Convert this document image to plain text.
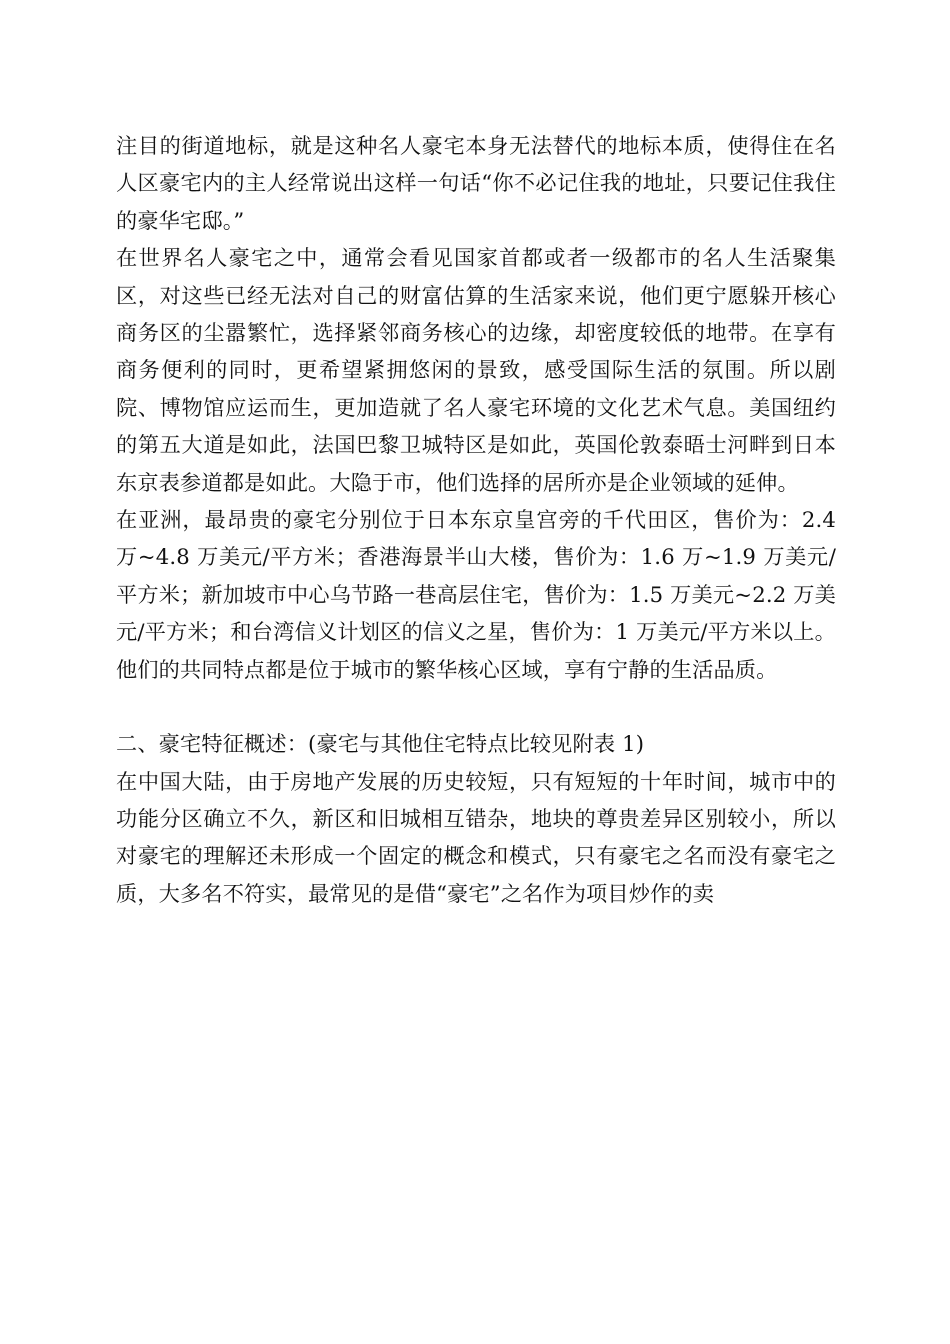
注目的街道地标，就是这种名人豪宅本身无法替代的地标本质，使得住在名人区豪宅内的主人经常说出这样一句话“你不必记住我的地址，只要记住我住的豪华宅邸。”

在世界名人豪宅之中，通常会看见国家首都或者一级都市的名人生活聚集区，对这些已经无法对自己的财富估算的生活家来说，他们更宁愿躲开核心商务区的尘嚣繁忙，选择紧邻商务核心的边缘，却密度较低的地带。在享有商务便利的同时，更希望紧拥悠闲的景致，感受国际生活的氛围。所以剧院、博物馆应运而生，更加造就了名人豪宅环境的文化艺术气息。美国纽约的第五大道是如此，法国巴黎卫城特区是如此，英国伦敦泰晤士河畔到日本东京表参道都是如此。大隐于市，他们选择的居所亦是企业领域的延伸。

在亚洲，最昂贵的豪宅分别位于日本东京皇宫旁的千代田区，售价为：2.4 万~4.8 万美元/平方米；香港海景半山大楼，售价为：1.6 万~1.9 万美元/平方米；新加坡市中心乌节路一巷高层住宅，售价为：1.5 万美元~2.2 万美元/平方米；和台湾信义计划区的信义之星，售价为：1 万美元/平方米以上。他们的共同特点都是位于城市的繁华核心区域，享有宁静的生活品质。

二、豪宅特征概述：(豪宅与其他住宅特点比较见附表 1)

在中国大陆，由于房地产发展的历史较短，只有短短的十年时间，城市中的功能分区确立不久，新区和旧城相互错杂，地块的尊贵差异区别较小，所以对豪宅的理解还未形成一个固定的概念和模式，只有豪宅之名而没有豪宅之质，大多名不符实，最常见的是借“豪宅”之名作为项目炒作的卖
